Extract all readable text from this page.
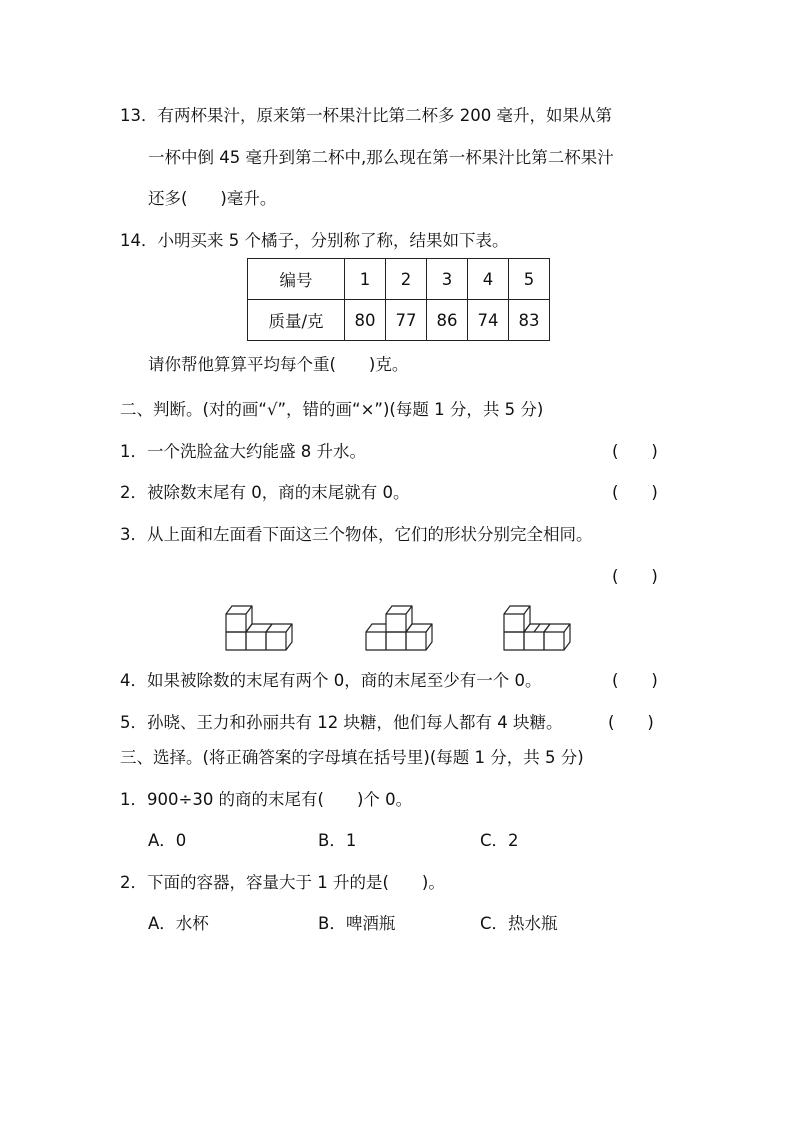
13．有两杯果汁，原来第一杯果汁比第二杯多 200 毫升，如果从第
一杯中倒 45 毫升到第二杯中,那么现在第一杯果汁比第二杯果汁
还多(　　)毫升。
14．小明买来 5 个橘子，分别称了称，结果如下表。
编号	1	2	3	4	5
质量/克	80	77	86	74	83
请你帮他算算平均每个重(　　)克。
二、判断。(对的画“√”，错的画“×”)(每题 1 分，共 5 分)
1．一个洗脸盆大约能盛 8 升水。	(　　)
2．被除数末尾有 0，商的末尾就有 0。	(　　)
3．从上面和左面看下面这三个物体，它们的形状分别完全相同。
(　　)
4．如果被除数的末尾有两个 0，商的末尾至少有一个 0。	(　　)
5．孙晓、王力和孙丽共有 12 块糖，他们每人都有 4 块糖。	(　　)
三、选择。(将正确答案的字母填在括号里)(每题 1 分，共 5 分)
1．900÷30 的商的末尾有(　　)个 0。
A．0	B．1	C．2
2．下面的容器，容量大于 1 升的是(　　)。
A．水杯	B．啤酒瓶	C．热水瓶
